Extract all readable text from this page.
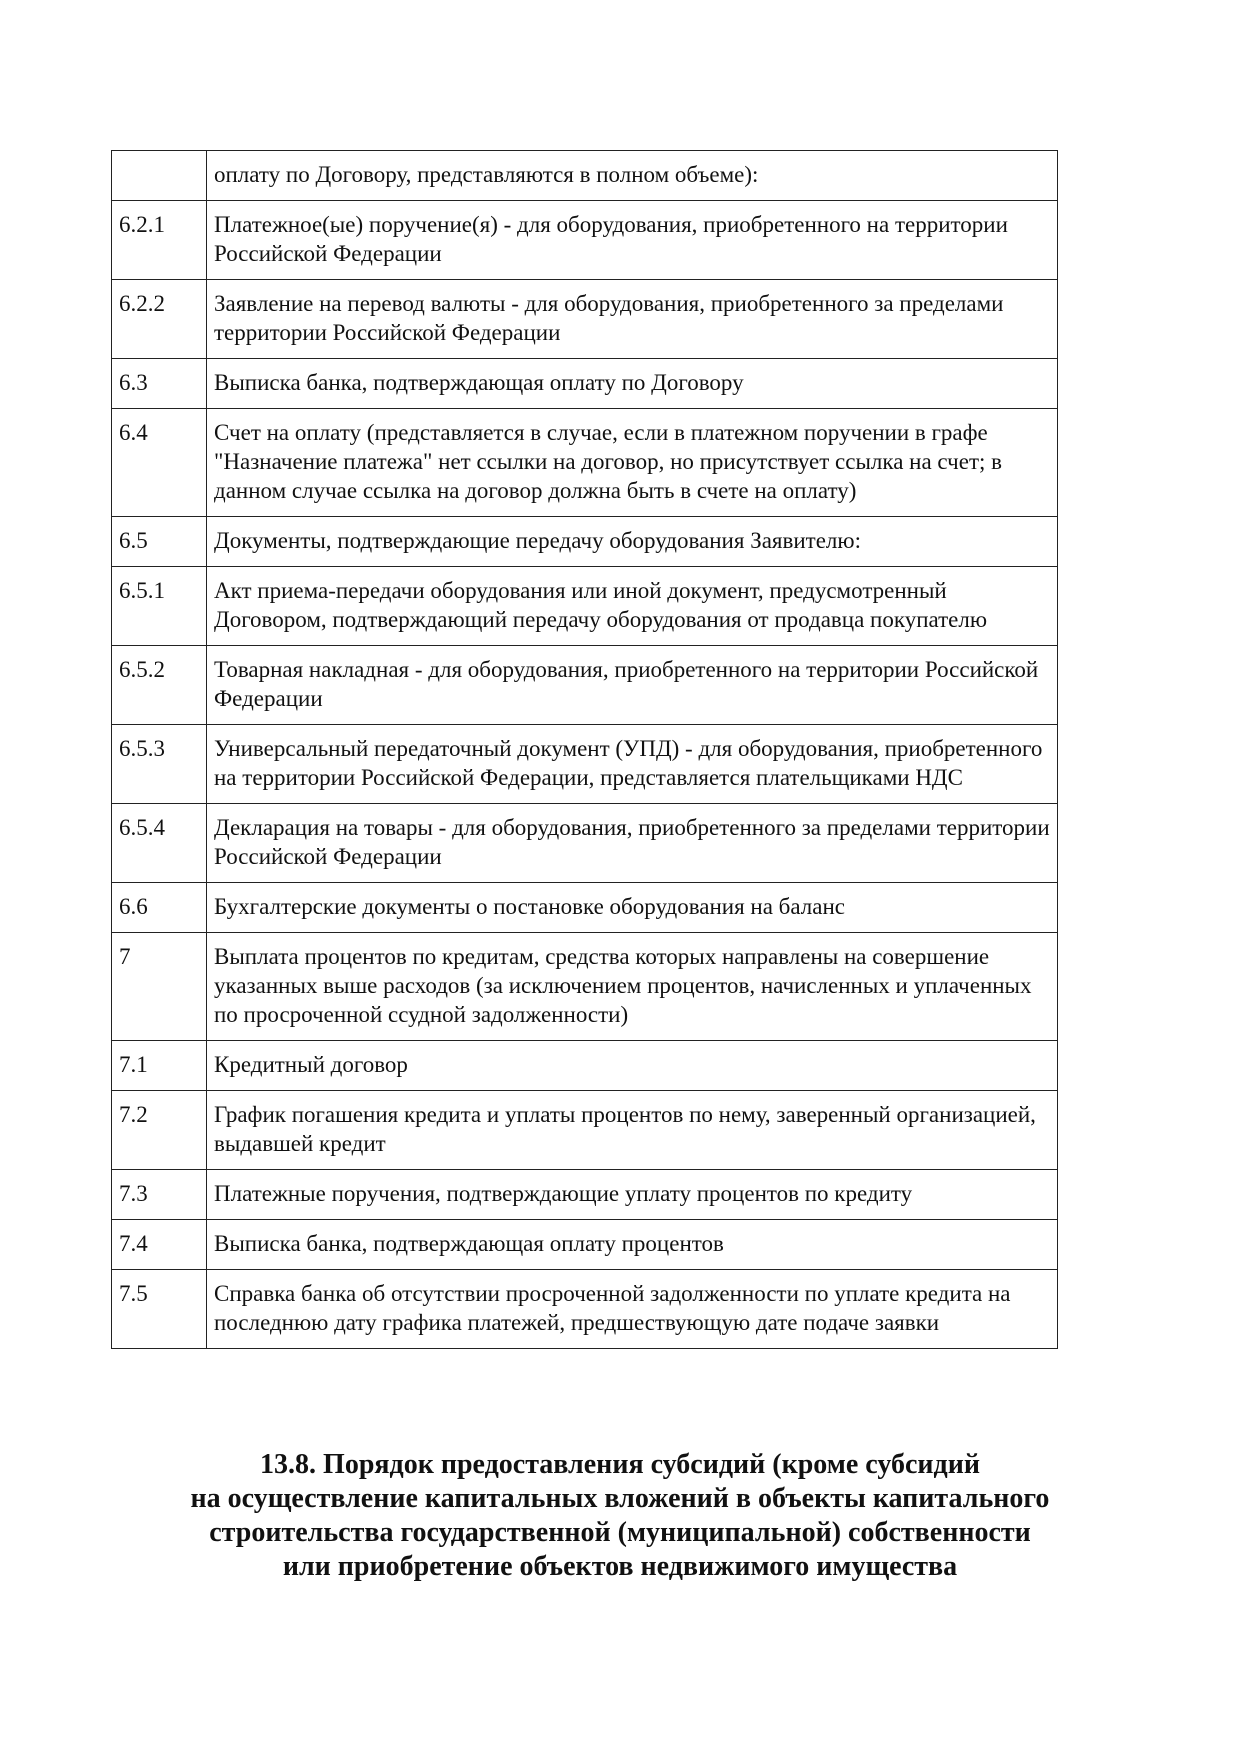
	оплату по Договору, представляются в полном объеме):
6.2.1	Платежное(ые) поручение(я) - для оборудования, приобретенного на территории Российской Федерации
6.2.2	Заявление на перевод валюты - для оборудования, приобретенного за пределами территории Российской Федерации
6.3	Выписка банка, подтверждающая оплату по Договору
6.4	Счет на оплату (представляется в случае, если в платежном поручении в графе "Назначение платежа" нет ссылки на договор, но присутствует ссылка на счет; в данном случае ссылка на договор должна быть в счете на оплату)
6.5	Документы, подтверждающие передачу оборудования Заявителю:
6.5.1	Акт приема-передачи оборудования или иной документ, предусмотренный Договором, подтверждающий передачу оборудования от продавца покупателю
6.5.2	Товарная накладная - для оборудования, приобретенного на территории Российской Федерации
6.5.3	Универсальный передаточный документ (УПД) - для оборудования, приобретенного на территории Российской Федерации, представляется плательщиками НДС
6.5.4	Декларация на товары - для оборудования, приобретенного за пределами территории Российской Федерации
6.6	Бухгалтерские документы о постановке оборудования на баланс
7	Выплата процентов по кредитам, средства которых направлены на совершение указанных выше расходов (за исключением процентов, начисленных и уплаченных по просроченной ссудной задолженности)
7.1	Кредитный договор
7.2	График погашения кредита и уплаты процентов по нему, заверенный организацией, выдавшей кредит
7.3	Платежные поручения, подтверждающие уплату процентов по кредиту
7.4	Выписка банка, подтверждающая оплату процентов
7.5	Справка банка об отсутствии просроченной задолженности по уплате кредита на последнюю дату графика платежей, предшествующую дате подаче заявки
13.8. Порядок предоставления субсидий (кроме субсидий
на осуществление капитальных вложений в объекты капитального
строительства государственной (муниципальной) собственности
или приобретение объектов недвижимого имущества
